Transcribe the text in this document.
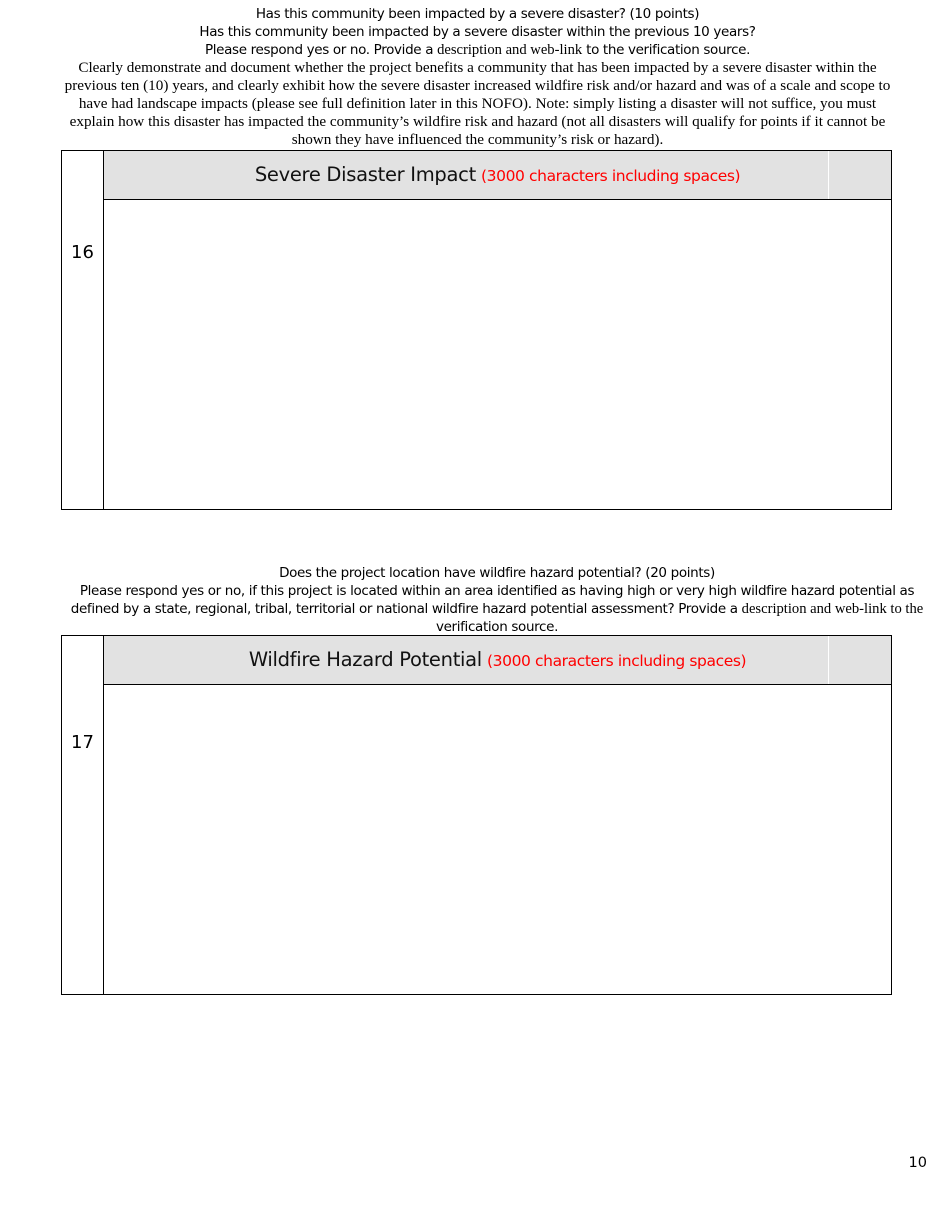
Has this community been impacted by a severe disaster? (10 points)
Has this community been impacted by a severe disaster within the previous 10 years?
Please respond yes or no. Provide a description and web-link to the verification source.
Clearly demonstrate and document whether the project benefits a community that has been impacted by a severe disaster within the previous ten (10) years, and clearly exhibit how the severe disaster increased wildfire risk and/or hazard and was of a scale and scope to have had landscape impacts (please see full definition later in this NOFO). Note: simply listing a disaster will not suffice, you must explain how this disaster has impacted the community’s wildfire risk and hazard (not all disasters will qualify for points if it cannot be shown they have influenced the community’s risk or hazard).
16
Severe Disaster Impact (3000 characters including spaces)
Does the project location have wildfire hazard potential? (20 points)
Please respond yes or no, if this project is located within an area identified as having high or very high wildfire hazard potential as defined by a state, regional, tribal, territorial or national wildfire hazard potential assessment? Provide a description and web-link to the verification source.
17
Wildfire Hazard Potential (3000 characters including spaces)
10
